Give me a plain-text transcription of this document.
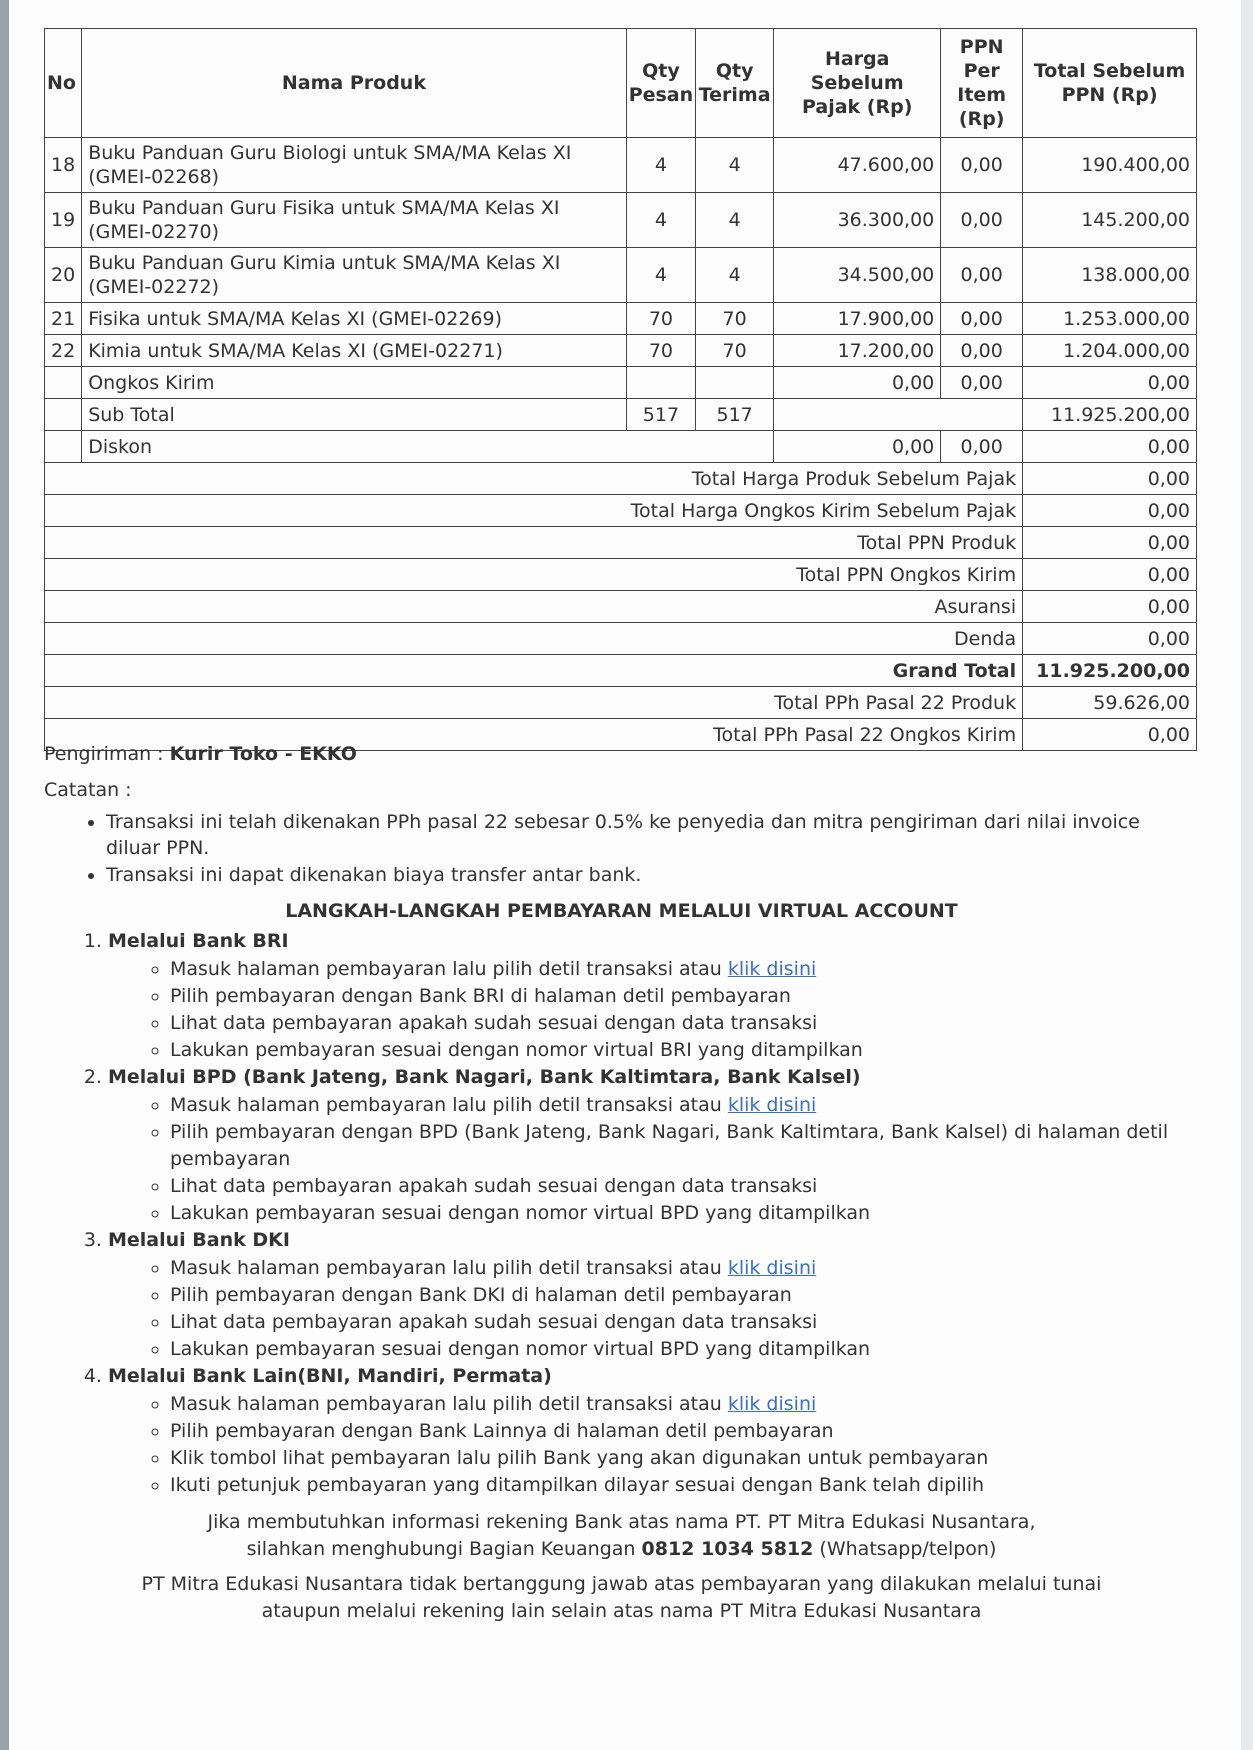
No	Nama Produk	Qty Pesan	Qty Terima	Harga Sebelum Pajak (Rp)	PPN Per Item (Rp)	Total Sebelum PPN (Rp)
18	Buku Panduan Guru Biologi untuk SMA/MA Kelas XI (GMEI-02268)	4	4	47.600,00	0,00	190.400,00
19	Buku Panduan Guru Fisika untuk SMA/MA Kelas XI (GMEI-02270)	4	4	36.300,00	0,00	145.200,00
20	Buku Panduan Guru Kimia untuk SMA/MA Kelas XI (GMEI-02272)	4	4	34.500,00	0,00	138.000,00
21	Fisika untuk SMA/MA Kelas XI (GMEI-02269)	70	70	17.900,00	0,00	1.253.000,00
22	Kimia untuk SMA/MA Kelas XI (GMEI-02271)	70	70	17.200,00	0,00	1.204.000,00
	Ongkos Kirim			0,00	0,00	0,00
	Sub Total	517	517			11.925.200,00
	Diskon			0,00	0,00	0,00
Total Harga Produk Sebelum Pajak						0,00
Total Harga Ongkos Kirim Sebelum Pajak						0,00
Total PPN Produk						0,00
Total PPN Ongkos Kirim						0,00
Asuransi						0,00
Denda						0,00
Grand Total						11.925.200,00
Total PPh Pasal 22 Produk						59.626,00
Total PPh Pasal 22 Ongkos Kirim						0,00
Pengiriman : Kurir Toko - EKKO
Catatan :
• Transaksi ini telah dikenakan PPh pasal 22 sebesar 0.5% ke penyedia dan mitra pengiriman dari nilai invoice diluar PPN.
• Transaksi ini dapat dikenakan biaya transfer antar bank.
LANGKAH-LANGKAH PEMBAYARAN MELALUI VIRTUAL ACCOUNT
1. Melalui Bank BRI
◦ Masuk halaman pembayaran lalu pilih detil transaksi atau klik disini
◦ Pilih pembayaran dengan Bank BRI di halaman detil pembayaran
◦ Lihat data pembayaran apakah sudah sesuai dengan data transaksi
◦ Lakukan pembayaran sesuai dengan nomor virtual BRI yang ditampilkan
2. Melalui BPD (Bank Jateng, Bank Nagari, Bank Kaltimtara, Bank Kalsel)
◦ Masuk halaman pembayaran lalu pilih detil transaksi atau klik disini
◦ Pilih pembayaran dengan BPD (Bank Jateng, Bank Nagari, Bank Kaltimtara, Bank Kalsel) di halaman detil pembayaran
◦ Lihat data pembayaran apakah sudah sesuai dengan data transaksi
◦ Lakukan pembayaran sesuai dengan nomor virtual BPD yang ditampilkan
3. Melalui Bank DKI
◦ Masuk halaman pembayaran lalu pilih detil transaksi atau klik disini
◦ Pilih pembayaran dengan Bank DKI di halaman detil pembayaran
◦ Lihat data pembayaran apakah sudah sesuai dengan data transaksi
◦ Lakukan pembayaran sesuai dengan nomor virtual BPD yang ditampilkan
4. Melalui Bank Lain(BNI, Mandiri, Permata)
◦ Masuk halaman pembayaran lalu pilih detil transaksi atau klik disini
◦ Pilih pembayaran dengan Bank Lainnya di halaman detil pembayaran
◦ Klik tombol lihat pembayaran lalu pilih Bank yang akan digunakan untuk pembayaran
◦ Ikuti petunjuk pembayaran yang ditampilkan dilayar sesuai dengan Bank telah dipilih
Jika membutuhkan informasi rekening Bank atas nama PT. PT Mitra Edukasi Nusantara,
silahkan menghubungi Bagian Keuangan 0812 1034 5812 (Whatsapp/telpon)
PT Mitra Edukasi Nusantara tidak bertanggung jawab atas pembayaran yang dilakukan melalui tunai
ataupun melalui rekening lain selain atas nama PT Mitra Edukasi Nusantara
